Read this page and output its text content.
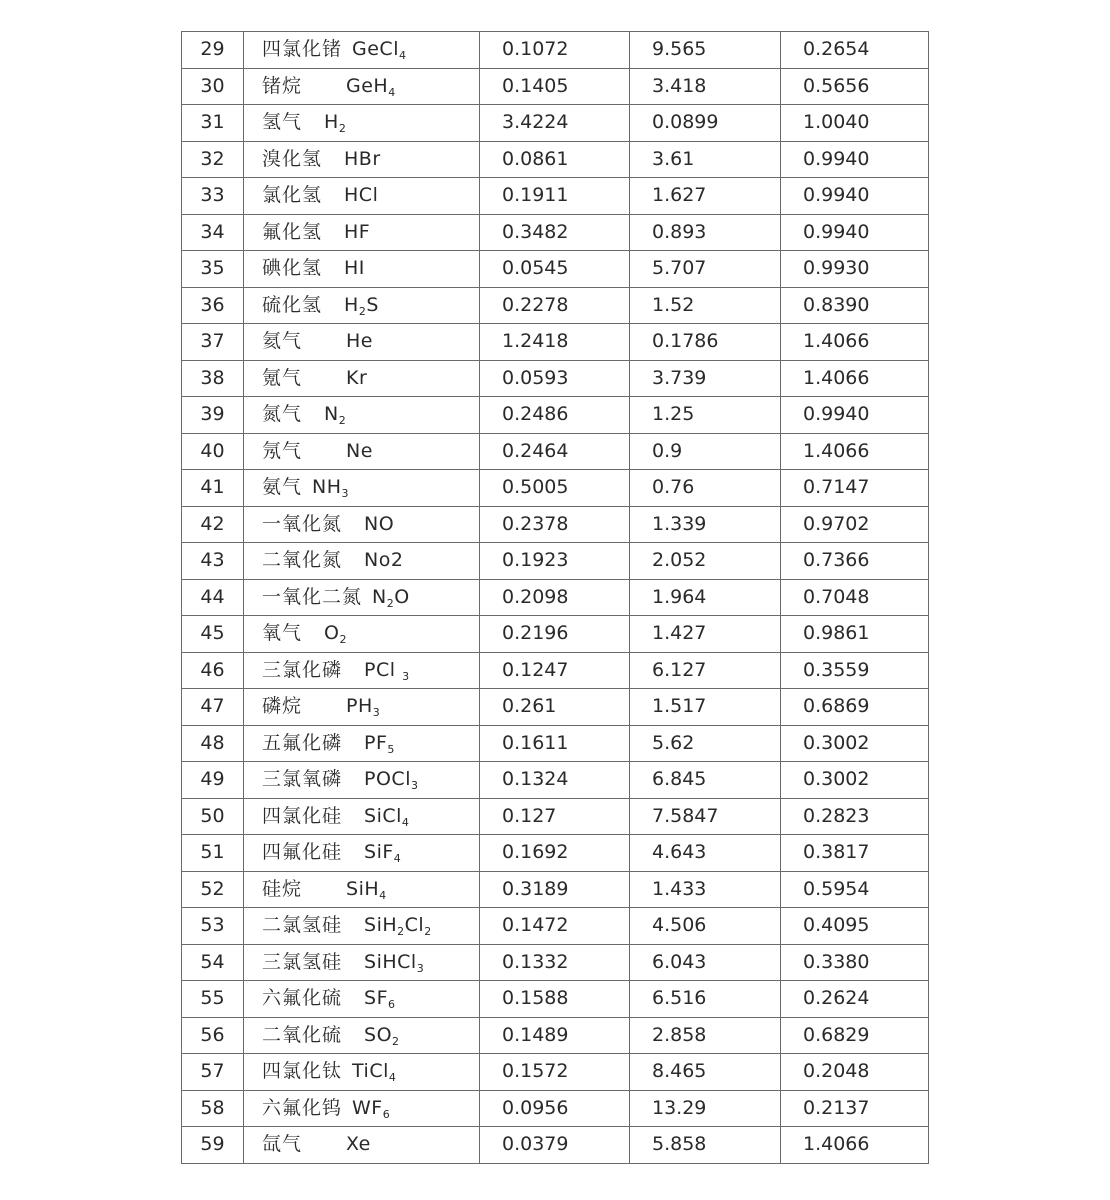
29	四氯化锗 GeCl$_4$	0.1072	9.565	0.2654
30	锗烷 GeH$_4$	0.1405	3.418	0.5656
31	氢气 $H_2$	3.4224	0.0899	1.0040
32	溴化氢 HBr	0.0861	3.61	0.9940
33	氯化氢 HCl	0.1911	1.627	0.9940
34	氟化氢 HF	0.3482	0.893	0.9940
35	碘化氢 HI	0.0545	5.707	0.9930
36	硫化氢 $H_2S$	0.2278	1.52	0.8390
37	氦气 He	1.2418	0.1786	1.4066
38	氪气 Kr	0.0593	3.739	1.4066
39	氮气 $N_2$	0.2486	1.25	0.9940
40	氖气 Ne	0.2464	0.9	1.4066
41	氨气 $NH_3$	0.5005	0.76	0.7147
42	一氧化氮 NO	0.2378	1.339	0.9702
43	二氧化氮 No2	0.1923	2.052	0.7366
44	一氧化二氮 $N_2O$	0.2098	1.964	0.7048
45	氧气 $O_2$	0.2196	1.427	0.9861
46	三氯化磷 PCl $_3$	0.1247	6.127	0.3559
47	磷烷 $PH_3$	0.261	1.517	0.6869
48	五氟化磷 $PF_5$	0.1611	5.62	0.3002
49	三氯氧磷 POCl$_3$	0.1324	6.845	0.3002
50	四氯化硅 SiCl$_4$	0.127	7.5847	0.2823
51	四氟化硅 SiF$_4$	0.1692	4.643	0.3817
52	硅烷 SiH$_4$	0.3189	1.433	0.5954
53	二氯氢硅 $SiH_2Cl_2$	0.1472	4.506	0.4095
54	三氯氢硅 SiHCl$_3$	0.1332	6.043	0.3380
55	六氟化硫 $SF_6$	0.1588	6.516	0.2624
56	二氧化硫 $SO_2$	0.1489	2.858	0.6829
57	四氯化钛 TiCl$_4$	0.1572	8.465	0.2048
58	六氟化钨 $WF_6$	0.0956	13.29	0.2137
59	氙气 Xe	0.0379	5.858	1.4066
